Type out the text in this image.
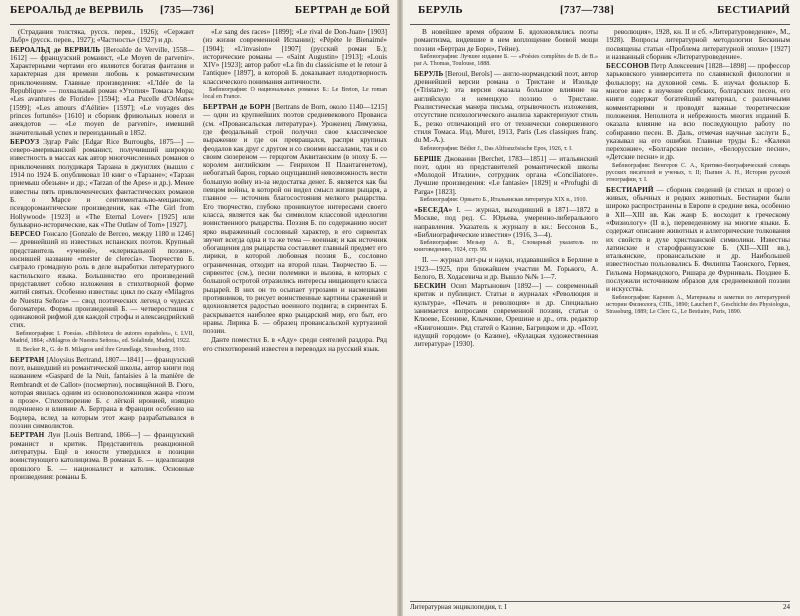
БЕРОАЛЬД де ВЕРВИЛЬ [735—736]	БЕРТРАН де БОЙ

(Страдания толстяка, русск. перев., 1926); «Сержант Льбр» (русск. перев., 1927); «Частность» (1927) и др.

БЕРОАЛЬД де ВЕРВИЛЬ [Beroalde de Verville, 1558—1612] — французский романист, «Le Moyen de parvenir». Характерными чертами его являются богатая фантазия и характерная для времени любовь к романтическим приключениям. Главные произведения: «L'Idée de la Republique» — похвальный роман «Утопия» Томаса Мора; «Les avantures de Floride» [1594]; «La Pucelle d'Orléans» [1599]; «Les amours d'Aélitie» [1597]; «Le voyages des princes fortunés» [1610] и сборник фривольных новелл и анекдотов — «Le moyen de parvenir», имевший значительный успех и переизданный в 1852.

БЕРОУЗ Эдгар Райс [Edgar Rice Burroughs, 1875—] — северо-американский романист, получивший широкую известность в массах как автор многочисленных романов о приключениях полудикаря Тарзана в джунглях (вышло с 1914 по 1924 Б. опубликовал 10 книг о «Тарзане»; «Тарзан приемыш обезьян» и др.; «Tarzan of the Apes» и др.). Менее известны пять приключенческих фантастических романов Б. о Марсе и сентиментально-мещанские, псевдоромантические произведения, как «The Girl from Hollywood» [1923] и «The Eternal Lover» [1925] или бульварно-исторические, как «The Outlaw of Torn» [1927].

БЕРСЕО Гонсало [Gonzalo de Berceo, между 1180 и 1246] — древнейший из известных испанских поэтов. Крупный представитель «ученой», «клерикальной поэзии», носившей название «mester de clerecía». Творчество Б. сыграло громадную роль в деле выработки литературного кастильского языка. Большинство его произведений представляет собою изложения в стихотворной форме житий святых. Особенно известны: цикл по сказу «Milagros de Nuestra Señora» — свод поэтических легенд о чудесах богоматери. Формы произведений Б. — четверостишия с одинаковой рифмой для каждой строфы и александрийский стих.

Библиография: I. Poesías. «Biblioteca de autores españoles», t. LVII, Madrid, 1864; «Milagros de Nuestra Señora», ed. Solalinde, Madrid, 1922.

II. Becker R., G. de B. Milagros und ihre Grundlage, Strassburg, 1910.

БЕРТРАН [Aloysius Bertrand, 1807—1841] — французский поэт, вышедший из романтической школы, автор книги под названием «Gaspard de la Nuit, fantaisies à la manière de Rembrandt et de Callot» (посмертно), посвящённой В. Гюго, которая явилась одним из основоположников жанра «поэм в прозе». Стихотворение Б. с лёгкой иронией, изящно подчинено и влияние А. Бертрана в Франции особенно на Бодлера, вслед за которым этот жанр разрабатывался в поэзии символистов.

БЕРТРАН Луи [Louis Bertrand, 1866—] — французский романист и критик. Представитель реакционной литературы. Ещё в юности утвердился в позиции воинствующего католицизма. В романах Б. — идеализация прошлого Б. — националист и католик. Основные произведения: романы Б.

«Le sang des races» [1899]; «Le rival de Don-Juan» [1903] (из жизни современной Испании); «Pépète le Bienaimé» [1904]; «L'invasion» [1907] (русский роман Б.); исторические романы — «Saint Augustin» [1913]; «Louis XIV» [1923]; автор работ «La fin du classicisme et le retour à l'antique» [1897], в которой Б. доказывает плодотворность классического понимания античности.

Библиография: О национальных романах Б.: Le Breton, Le roman local en France.

БЕРТРАН де БОРН [Bertrans de Born, около 1140—1215] — один из крупнейших поэтов средневекового Прованса (см. «Провансальская литература»). Уроженец Лимузена, где феодальный строй получил свое классическое выражение и где он превращался, распри крупных феодалов как друг с другом и со своими вассалами, так и со своим сюзереном — герцогом Аквитанским (в эпоху Б. — королем английским — Генрихом II Плантагенетом), небогатый барон, горько ощущавший невозможность вести большую войну из-за недостатка денег. Б. является как бы певцом войны, в которой он видел смысл жизни рыцаря, а главное — источник благосостояния мелкого рыцарства. Его творчество, глубоко проникнутое интересами своего класса, является как бы символом классовой идеологии воинственного рыцарства. Поэзия Б. по содержанию носит ярко выраженный сословный характер, в его сирвентах звучит всегда одна и та же тема — военная; и как источник обогащения для рыцарства составляет главный предмет его лирики, в которой любовная поэзия Б., сословно ограниченная, отходит на второй план. Творчество Б. — сирвентес (см.), песни полемики и вызова, в которых с большой остротой отразились интересы нищающего класса рыцарей. В них он то осыпает угрозами и насмешками противников, то рисует воинственные картины сражений и вдохновляется радостью военного подвига; в сирвентах Б. раскрывается наиболее ярко рыцарский мир, его быт, его нравы. Лирика Б. — образец провансальской куртуазной поэзии.

Данте поместил Б. в «Аду» среди сеятелей раздора. Ряд его стихотворений известен в переводах на русский язык.

БЕРУЛЬ	[737—738]	БЕСТИАРИЙ

В новейшее время образом Б. вдохновлялись поэты романтизма, видевшие в нем воплощение боевой мощи поэзии «Бертран де Борн», Гейне).

Библиография: Лучшее издание Б. — «Poésies complètes de B. de B.» par A. Thomas, Toulouse, 1888.

БЕРУЛЬ [Beroul, Berols] — англо-нормандский поэт, автор древнейшей версии романа о Тристане и Изольде («Tristan»); эта версия оказала большое влияние на английскую и немецкую поэзию о Тристане. Реалистическая манера письма, отрывочность изложения, отсутствие психологического анализа характеризуют стиль Б., резко отличающий его от технически совершенного стиля Томаса. Изд. Muret, 1913, Paris (Les classiques franç. du M.-A.).

Библиография: Bédier J., Das Altfranzösische Epos, 1926, т. I.

БЕРШЕ Джованни [Berchet, 1783—1851] — итальянский поэт, один из представителей романтической школы «Молодой Италии», сотрудник органа «Conciliatore». Лучшие произведения: «Le fantasie» [1829] и «Profughi di Parga» [1823].

Библиография: Орвьето Б., Итальянская литература XIX в., 1910.

«БЕСЕДА» I. — журнал, выходивший в 1871—1872 в Москве, под ред. С. Юрьева, умеренно-либерального направления. Указатель к журналу в кн.: Бессонов Б., «Библиографические известия» (1916, 3—4).

Библиография: Мезьер А. В., Словарный указатель по книговедению, 1924, стр. 99.

II. — журнал лит-ры и науки, издававшийся в Берлине в 1923—1925, при ближайшем участии М. Горького, А. Белого, В. Ходасевича и др. Вышло №№ 1—7.

БЕСКИН Осип Мартынович [1892—] — современный критик и публицист. Статьи в журналах «Революция и культура», «Печать и революция» и др. Специально занимается вопросами современной поэзии, статьи о Клюеве, Есенине, Клычкове, Орешине и др., отв. редактор «Книгоноши». Ряд статей о Казине, Багрицком и др. «Поэт, идущий городом» (о Казине), «Кулацкая художественная литература» [1930].

революция», 1928, кн. II и сб. «Литературоведение», М., 1928). Вопросы литературной методологии Бескиным посвящены статьи «Проблема литературной эпохи» [1927] и названный сборник «Литературоведение».

БЕССОНОВ Петр Алексеевич [1828—1898] — профессор харьковского университета по славянской филологии и фольклору; на духовной семь. Б. изучал фольклор Б. многое внес в изучение сербских, болгарских песен, его книги содержат богатейший материал, с различными комментариями и проводят важные теоретические положения. Неполнота и небрежность многих изданий Б. оказала влияние на всю последующую работу по собиранию песен. В. Даль, отмечая научные заслуги Б., указывал на его ошибки. Главные труды Б.: «Калеки перехожие», «Болгарские песни», «Белорусские песни», «Детские песни» и др.

Библиография: Венгеров С. А., Критико-биографический словарь русских писателей и ученых, т. II; Пыпин А. Н., История русской этнографии, т. I.

БЕСТИАРИЙ — сборник сведений (в стихах и прозе) о живых, обычных и редких животных. Бестиарии были широко распространены в Европе в средние века, особенно в XII—XIII вв. Как жанр Б. восходит к греческому «Физиологу» (II в.), переведенному на многие языки. Б. содержат описание животных и аллегорические толкования их свойств в духе христианской символики. Известны латинские и старофранцузские Б. (XII—XIII вв.), итальянские, провансальские и др. Наибольшей известностью пользовались Б. Филиппа Таонского, Гервея, Гильома Нормандского, Ришара де Фурниваль. Позднее Б. послужили источником образов для средневековой поэзии и искусства.

Библиография: Карнеев А., Материалы и заметки по литературной истории Физиолога, СПБ., 1890; Lauchert F., Geschichte des Physiologus, Strassburg, 1889; Le Clerc G., Le Bestiaire, Paris, 1890.

Литературная энциклопедия, т. I	24
